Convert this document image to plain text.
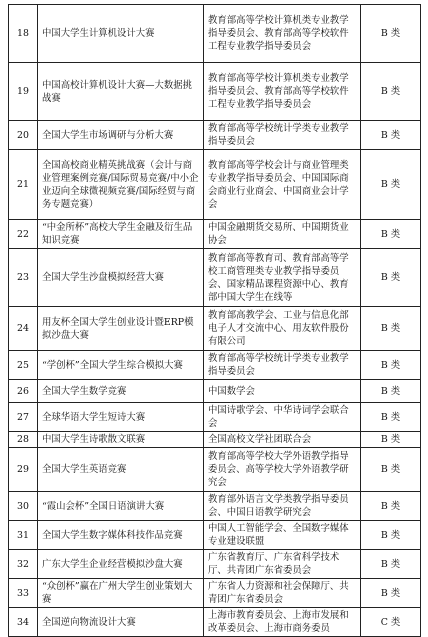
18	中国大学生计算机设计大赛	教育部高等学校计算机类专业教学指导委员会、教育部高等学校软件工程专业教学指导委员会	B 类
19	中国高校计算机设计大赛—大数据挑战赛	教育部高等学校计算机类专业教学指导委员会、教育部高等学校软件工程专业教学指导委员会	B 类
20	全国大学生市场调研与分析大赛	教育部高等学校统计学类专业教学指导委员会	B 类
21	全国高校商业精英挑战赛（会计与商业管理案例竞赛/国际贸易竞赛/中小企业迈向全球微视频竞赛/国际经贸与商务专题竞赛）	教育部高等学校会计与商业管理类专业教学指导委员会、中国国际商会商业行业商会、中国商业会计学会	B 类
22	“中金所杯”高校大学生金融及衍生品知识竞赛	中国金融期货交易所、中国期货业协会	B 类
23	全国大学生沙盘模拟经营大赛	教育部高等教育司、教育部高等学校工商管理类专业教学指导委员会、国家精品课程资源中心、教育部中国大学生在线等	B 类
24	用友杯全国大学生创业设计暨ERP模拟沙盘大赛	教育部高教学会、工业与信息化部电子人才交流中心、用友软件股份有限公司	B 类
25	“学创杯”全国大学生综合模拟大赛	教育部高等学校统计学类专业教学指导委员会	B 类
26	全国大学生数学竞赛	中国数学会	B 类
27	全球华语大学生短诗大赛	中国诗歌学会、中华诗词学会联合会	B 类
28	中国大学生诗歌散文联赛	全国高校文学社团联合会	B 类
29	全国大学生英语竞赛	教育部高等学校大学外语教学指导委员会、高等学校大学外语教学研究会	B 类
30	“霞山会杯”全国日语演讲大赛	教育部外语言文学类教学指导委员会、中国日语教学研究会	B 类
31	全国大学生数字媒体科技作品竞赛	中国人工智能学会、全国数字媒体专业建设联盟	B 类
32	广东大学生企业经营模拟沙盘大赛	广东省教育厅、广东省科学技术厅、共青团广东省委员会	B 类
33	“众创杯”赢在广州大学生创业策划大赛	广东省人力资源和社会保障厅、共青团广东省委员会	B 类
34	全国逆向物流设计大赛	上海市教育委员会、上海市发展和改革委员会、上海市商务委员	C 类
